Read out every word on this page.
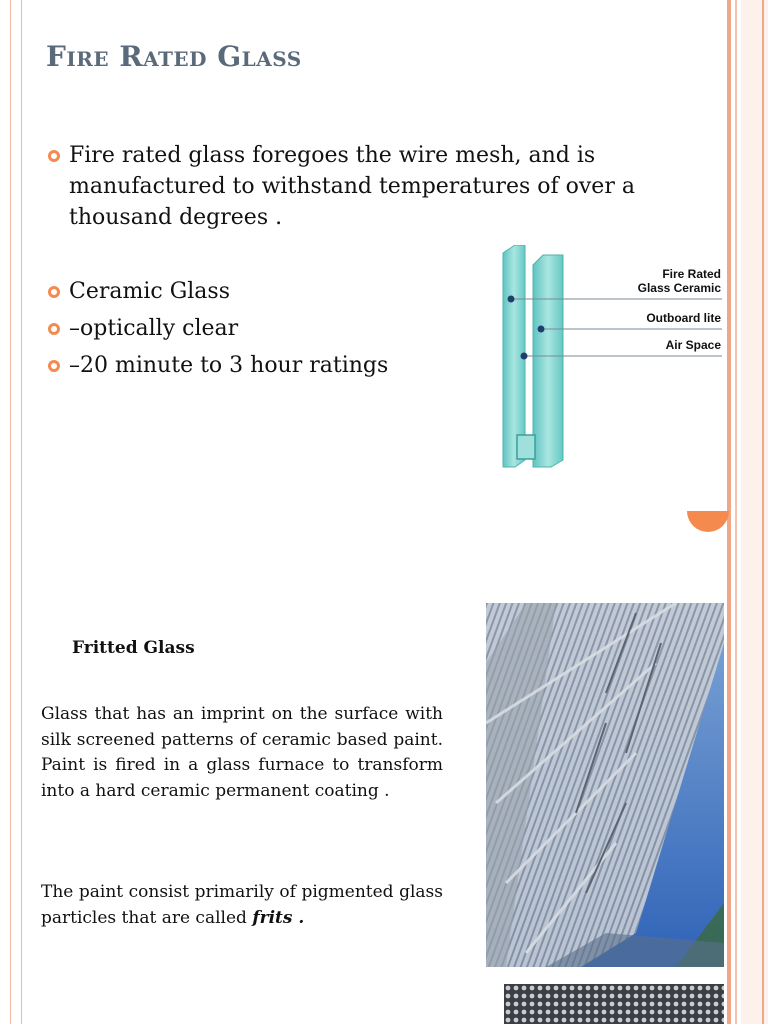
Fire Rated Glass
Fire rated glass foregoes the wire mesh, and is manufactured to withstand temperatures of over a thousand degrees .
Ceramic Glass
–optically clear
–20 minute to 3 hour ratings
Fire Rated
Glass Ceramic
Outboard lite
Air Space
Fritted Glass

Glass that has an imprint on the surface with silk screened patterns of ceramic based paint. Paint is fired in a glass furnace to transform into a hard ceramic permanent coating .

The paint consist primarily of pigmented glass particles that are called frits .
